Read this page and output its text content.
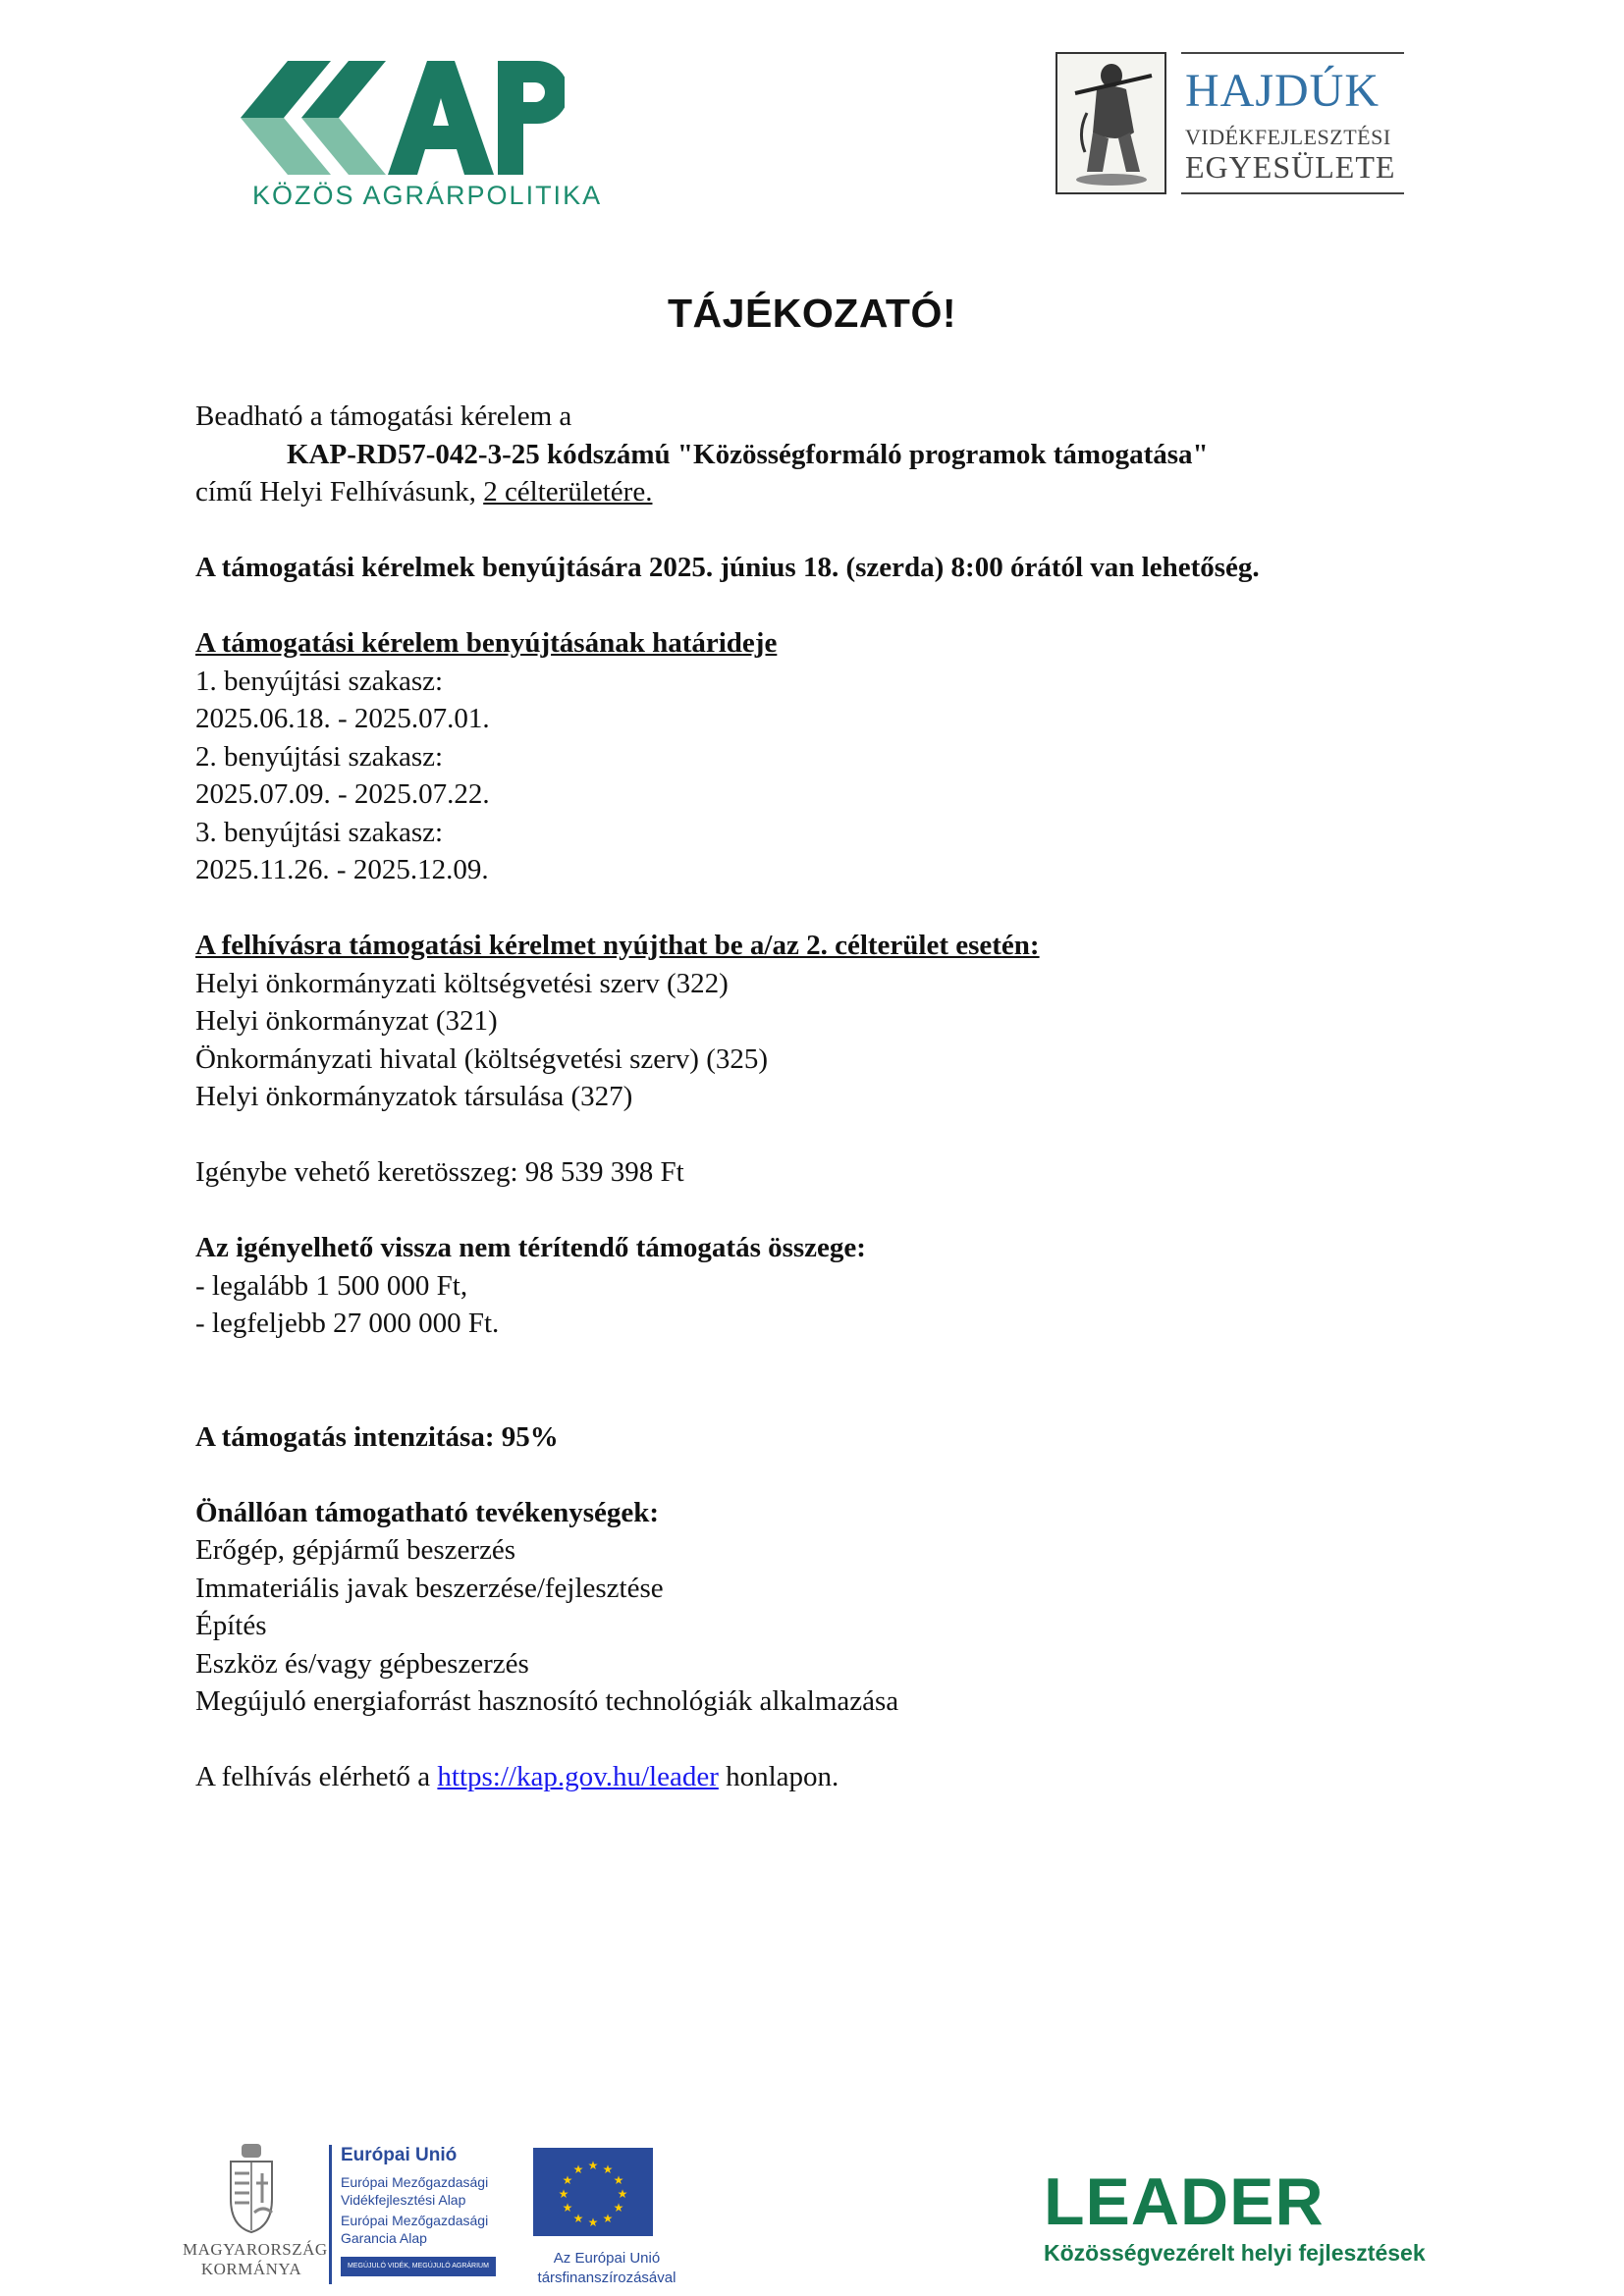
KÖZÖS AGRÁRPOLITIKA
HAJDÚK
VIDÉKFEJLESZTÉSI
EGYESÜLETE
TÁJÉKOZATÓ!

Beadható a támogatási kérelem a

KAP-RD57-042-3-25 kódszámú "Közösségformáló programok támogatása"

című Helyi Felhívásunk, 2 célterületére.

A támogatási kérelmek benyújtására 2025. június 18. (szerda) 8:00 órától van lehetőség.

A támogatási kérelem benyújtásának határideje

1. benyújtási szakasz:

2025.06.18. - 2025.07.01.

2. benyújtási szakasz:

2025.07.09. - 2025.07.22.

3. benyújtási szakasz:

2025.11.26. - 2025.12.09.

A felhívásra támogatási kérelmet nyújthat be a/az 2. célterület esetén:

Helyi önkormányzati költségvetési szerv (322)

Helyi önkormányzat (321)

Önkormányzati hivatal (költségvetési szerv) (325)

Helyi önkormányzatok társulása (327)

Igénybe vehető keretösszeg: 98 539 398 Ft

Az igényelhető vissza nem térítendő támogatás összege:

- legalább 1 500 000 Ft,

- legfeljebb 27 000 000 Ft.

A támogatás intenzitása: 95%

Önállóan támogatható tevékenységek:

Erőgép, gépjármű beszerzés

Immateriális javak beszerzése/fejlesztése

Építés

Eszköz és/vagy gépbeszerzés

Megújuló energiaforrást hasznosító technológiák alkalmazása

A felhívás elérhető a https://kap.gov.hu/leader honlapon.

MAGYARORSZÁG
KORMÁNYA
Európai Unió
Európai Mezőgazdasági
Vidékfejlesztési Alap
Európai Mezőgazdasági
Garancia Alap
MEGÚJULÓ VIDÉK, MEGÚJULÓ AGRÁRIUM
★ ★
★
★
★
★
★
★
★
★
★
★
Az Európai Unió
társfinanszírozásával
LEADER
Közösségvezérelt helyi fejlesztések
